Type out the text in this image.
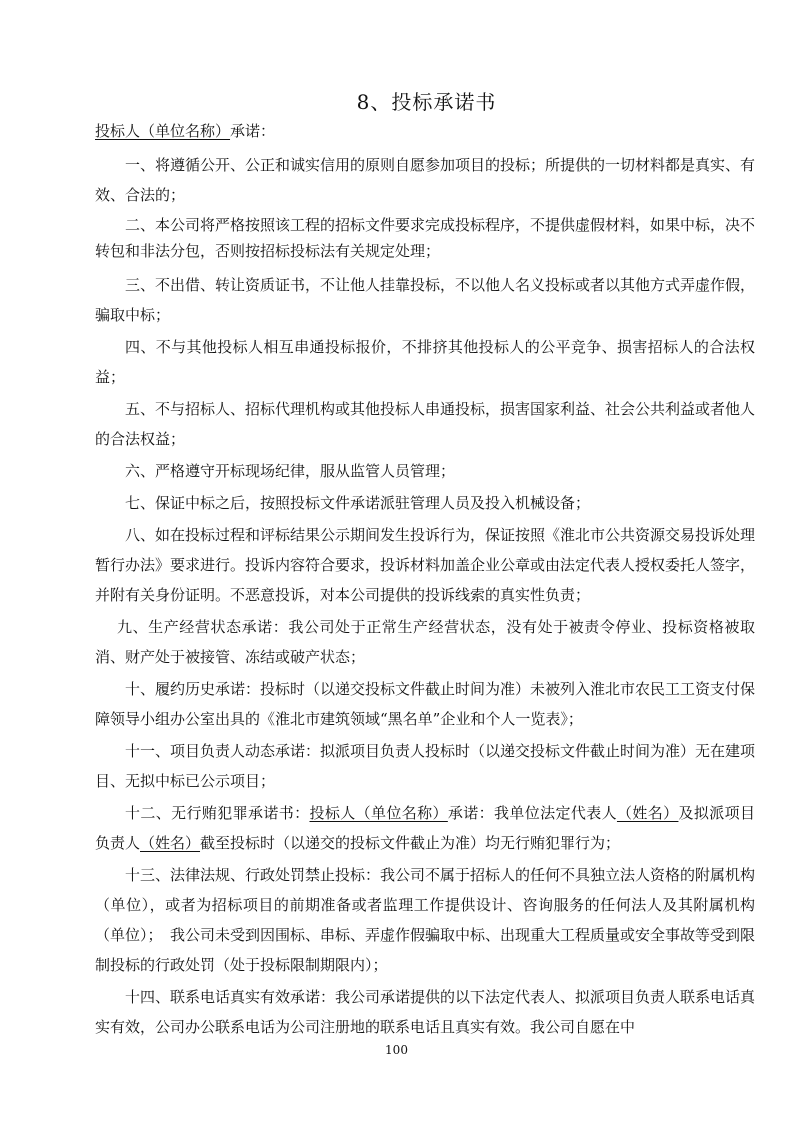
8、投标承诺书
投标人（单位名称）承诺：

一、将遵循公开、公正和诚实信用的原则自愿参加项目的投标；所提供的一切材料都是真实、有效、合法的；

二、本公司将严格按照该工程的招标文件要求完成投标程序，不提供虚假材料，如果中标，决不转包和非法分包，否则按招标投标法有关规定处理；

三、不出借、转让资质证书，不让他人挂靠投标，不以他人名义投标或者以其他方式弄虚作假，骗取中标；

四、不与其他投标人相互串通投标报价，不排挤其他投标人的公平竞争、损害招标人的合法权益；

五、不与招标人、招标代理机构或其他投标人串通投标，损害国家利益、社会公共利益或者他人的合法权益；

六、严格遵守开标现场纪律，服从监管人员管理；

七、保证中标之后，按照投标文件承诺派驻管理人员及投入机械设备；

八、如在投标过程和评标结果公示期间发生投诉行为，保证按照《淮北市公共资源交易投诉处理暂行办法》要求进行。投诉内容符合要求，投诉材料加盖企业公章或由法定代表人授权委托人签字，并附有关身份证明。不恶意投诉，对本公司提供的投诉线索的真实性负责；

九、生产经营状态承诺：我公司处于正常生产经营状态，没有处于被责令停业、投标资格被取消、财产处于被接管、冻结或破产状态；

十、履约历史承诺：投标时（以递交投标文件截止时间为准）未被列入淮北市农民工工资支付保障领导小组办公室出具的《淮北市建筑领域“黑名单”企业和个人一览表》；

十一、项目负责人动态承诺：拟派项目负责人投标时（以递交投标文件截止时间为准）无在建项目、无拟中标已公示项目；

十二、无行贿犯罪承诺书：投标人（单位名称）承诺：我单位法定代表人（姓名）及拟派项目负责人（姓名）截至投标时（以递交的投标文件截止为准）均无行贿犯罪行为；

十三、法律法规、行政处罚禁止投标：我公司不属于招标人的任何不具独立法人资格的附属机构（单位），或者为招标项目的前期准备或者监理工作提供设计、咨询服务的任何法人及其附属机构（单位）；　我公司未受到因围标、串标、弄虚作假骗取中标、出现重大工程质量或安全事故等受到限制投标的行政处罚（处于投标限制期限内）；

十四、联系电话真实有效承诺：我公司承诺提供的以下法定代表人、拟派项目负责人联系电话真实有效，公司办公联系电话为公司注册地的联系电话且真实有效。我公司自愿在中

100
